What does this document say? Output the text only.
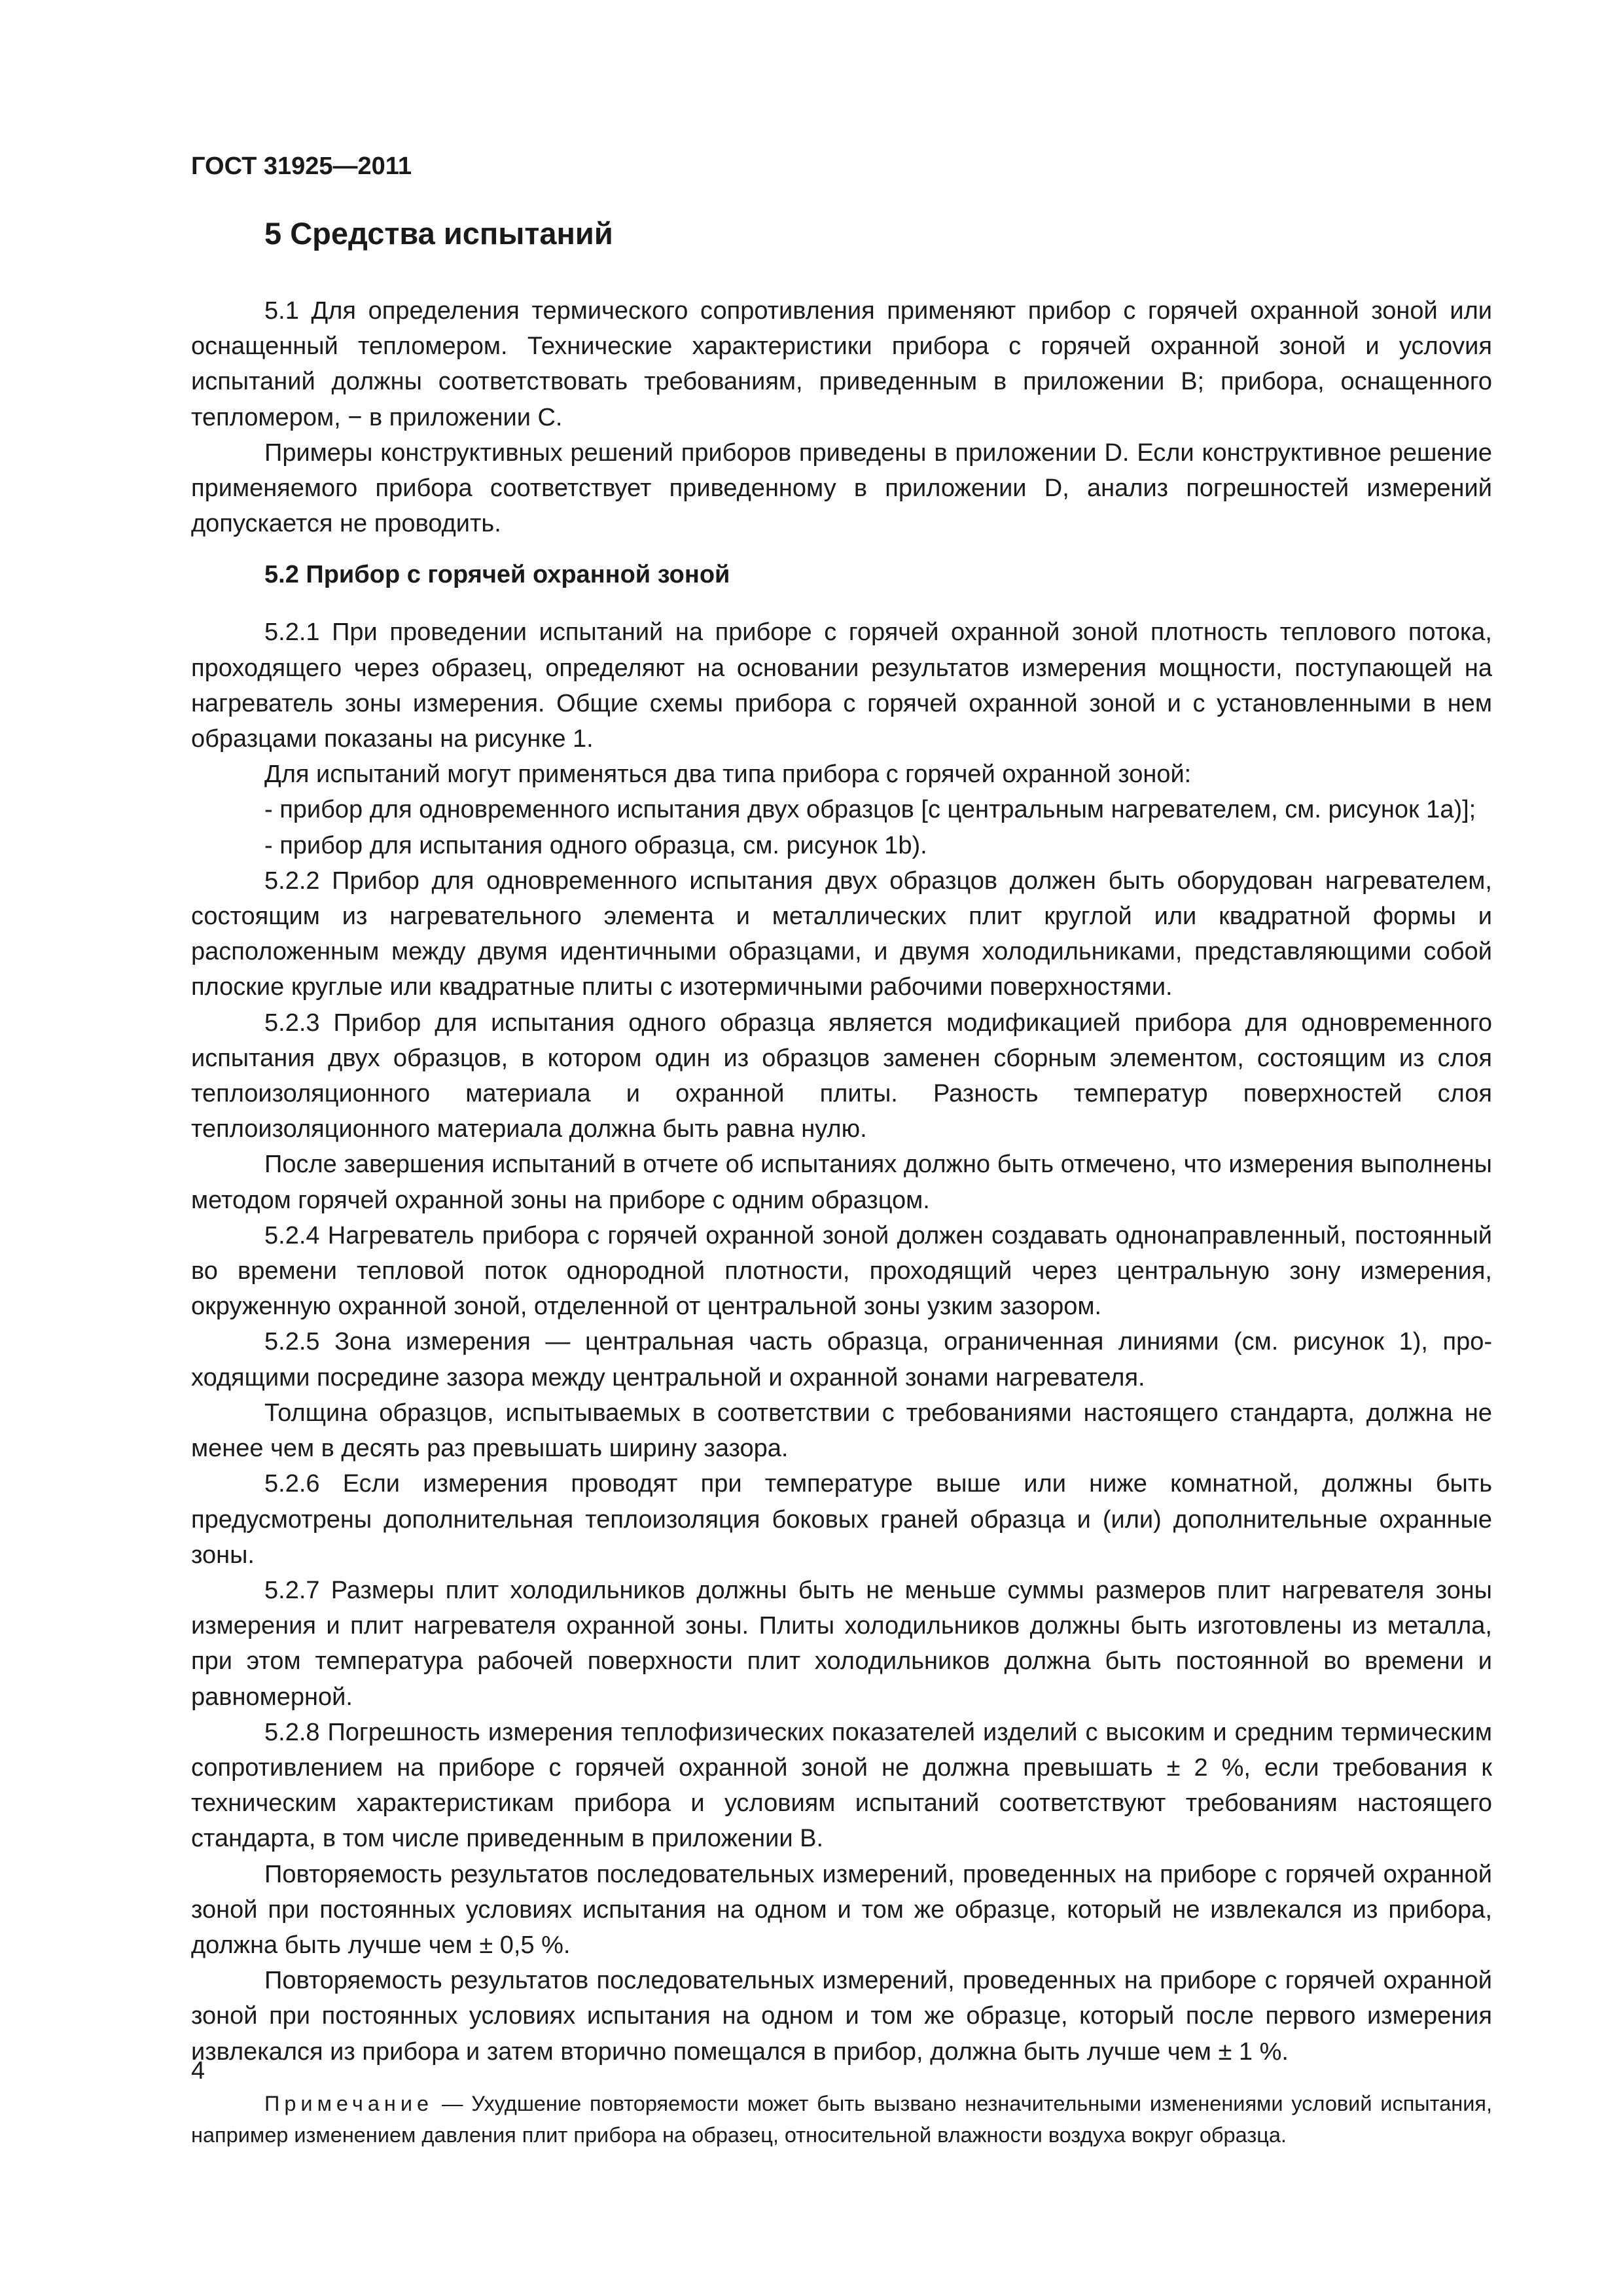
ГОСТ 31925—2011
5 Средства испытаний

5.1 Для определения термического сопротивления применяют прибор с горячей охранной зоной или оснащенный тепломером. Технические характеристики прибора с горячей охранной зоной и услоvия испытаний должны соответствовать требованиям, приведенным в приложении B; прибора, оснащенного тепломером, − в приложении C.

Примеры конструктивных решений приборов приведены в приложении D. Если конструктивное решение применяемого прибора соответствует приведенному в приложении D, анализ погрешностей измерений допускается не проводить.

5.2 Прибор с горячей охранной зоной

5.2.1 При проведении испытаний на приборе с горячей охранной зоной плотность теплового потока, проходящего через образец, определяют на основании результатов измерения мощности, поступающей на нагреватель зоны измерения. Общие схемы прибора с горячей охранной зоной и с установленными в нем образцами показаны на рисунке 1.

Для испытаний могут применяться два типа прибора с горячей охранной зоной:

- прибор для одновременного испытания двух образцов [с центральным нагревателем, см. рисунок 1a)];

- прибор для испытания одного образца, см. рисунок 1b).

5.2.2 Прибор для одновременного испытания двух образцов должен быть оборудован нагревателем, состоящим из нагревательного элемента и металлических плит круглой или квадратной формы и расположенным между двумя идентичными образцами, и двумя холодильниками, представляющими собой плоские круглые или квадратные плиты с изотермичными рабочими поверхностями.

5.2.3 Прибор для испытания одного образца является модификацией прибора для одновременного испытания двух образцов, в котором один из образцов заменен сборным элементом, состоящим из слоя теплоизоляционного материала и охранной плиты. Разность температур поверхностей слоя теплоизоляционного материала должна быть равна нулю.

После завершения испытаний в отчете об испытаниях должно быть отмечено, что измерения выполнены методом горячей охранной зоны на приборе с одним образцом.

5.2.4 Нагреватель прибора с горячей охранной зоной должен создавать однонаправленный, постоянный во времени тепловой поток однородной плотности, проходящий через центральную зону измерения, окруженную охранной зоной, отделенной от центральной зоны узким зазором.

5.2.5 Зона измерения — центральная часть образца, ограниченная линиями (см. рисунок 1), проходящими посредине зазора между центральной и охранной зонами нагревателя.

Толщина образцов, испытываемых в соответствии с требованиями настоящего стандарта, должна не менее чем в десять раз превышать ширину зазора.

5.2.6 Если измерения проводят при температуре выше или ниже комнатной, должны быть предусмотрены дополнительная теплоизоляция боковых граней образца и (или) дополнительные охранные зоны.

5.2.7 Размеры плит холодильников должны быть не меньше суммы размеров плит нагревателя зоны измерения и плит нагревателя охранной зоны. Плиты холодильников должны быть изготовлены из металла, при этом температура рабочей поверхности плит холодильников должна быть постоянной во времени и равномерной.

5.2.8 Погрешность измерения теплофизических показателей изделий с высоким и средним термическим сопротивлением на приборе с горячей охранной зоной не должна превышать ± 2 %, если требования к техническим характеристикам прибора и условиям испытаний соответствуют требованиям настоящего стандарта, в том числе приведенным в приложении B.

Повторяемость результатов последовательных измерений, проведенных на приборе с горячей охранной зоной при постоянных условиях испытания на одном и том же образце, который не извлекался из прибора, должна быть лучше чем ± 0,5 %.

Повторяемость результатов последовательных измерений, проведенных на приборе с горячей охранной зоной при постоянных условиях испытания на одном и том же образце, который после первого измерения извлекался из прибора и затем вторично помещался в прибор, должна быть лучше чем ± 1 %.

Примечание — Ухудшение повторяемости может быть вызвано незначительными изменениями условий испытания, например изменением давления плит прибора на образец, относительной влажности воздуха вокруг образца.

4
